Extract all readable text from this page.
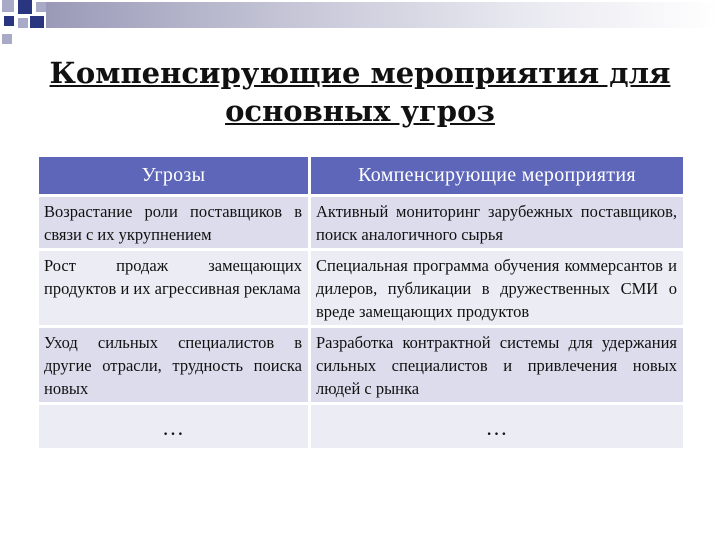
Компенсирующие мероприятия для
основных угроз
Угрозы	Компенсирующие мероприятия
Возрастание роли поставщиков в связи с их укрупнением	Активный мониторинг зарубежных поставщиков, поиск аналогичного сырья
Рост продаж замещающих продуктов и их агрессивная реклама	Специальная программа обучения коммерсантов и дилеров, публикации в дружественных СМИ о вреде замещающих продуктов
Уход сильных специалистов в другие отрасли, трудность поиска новых	Разработка контрактной системы для удержания сильных специалистов и привлечения новых людей с рынка
…	…
